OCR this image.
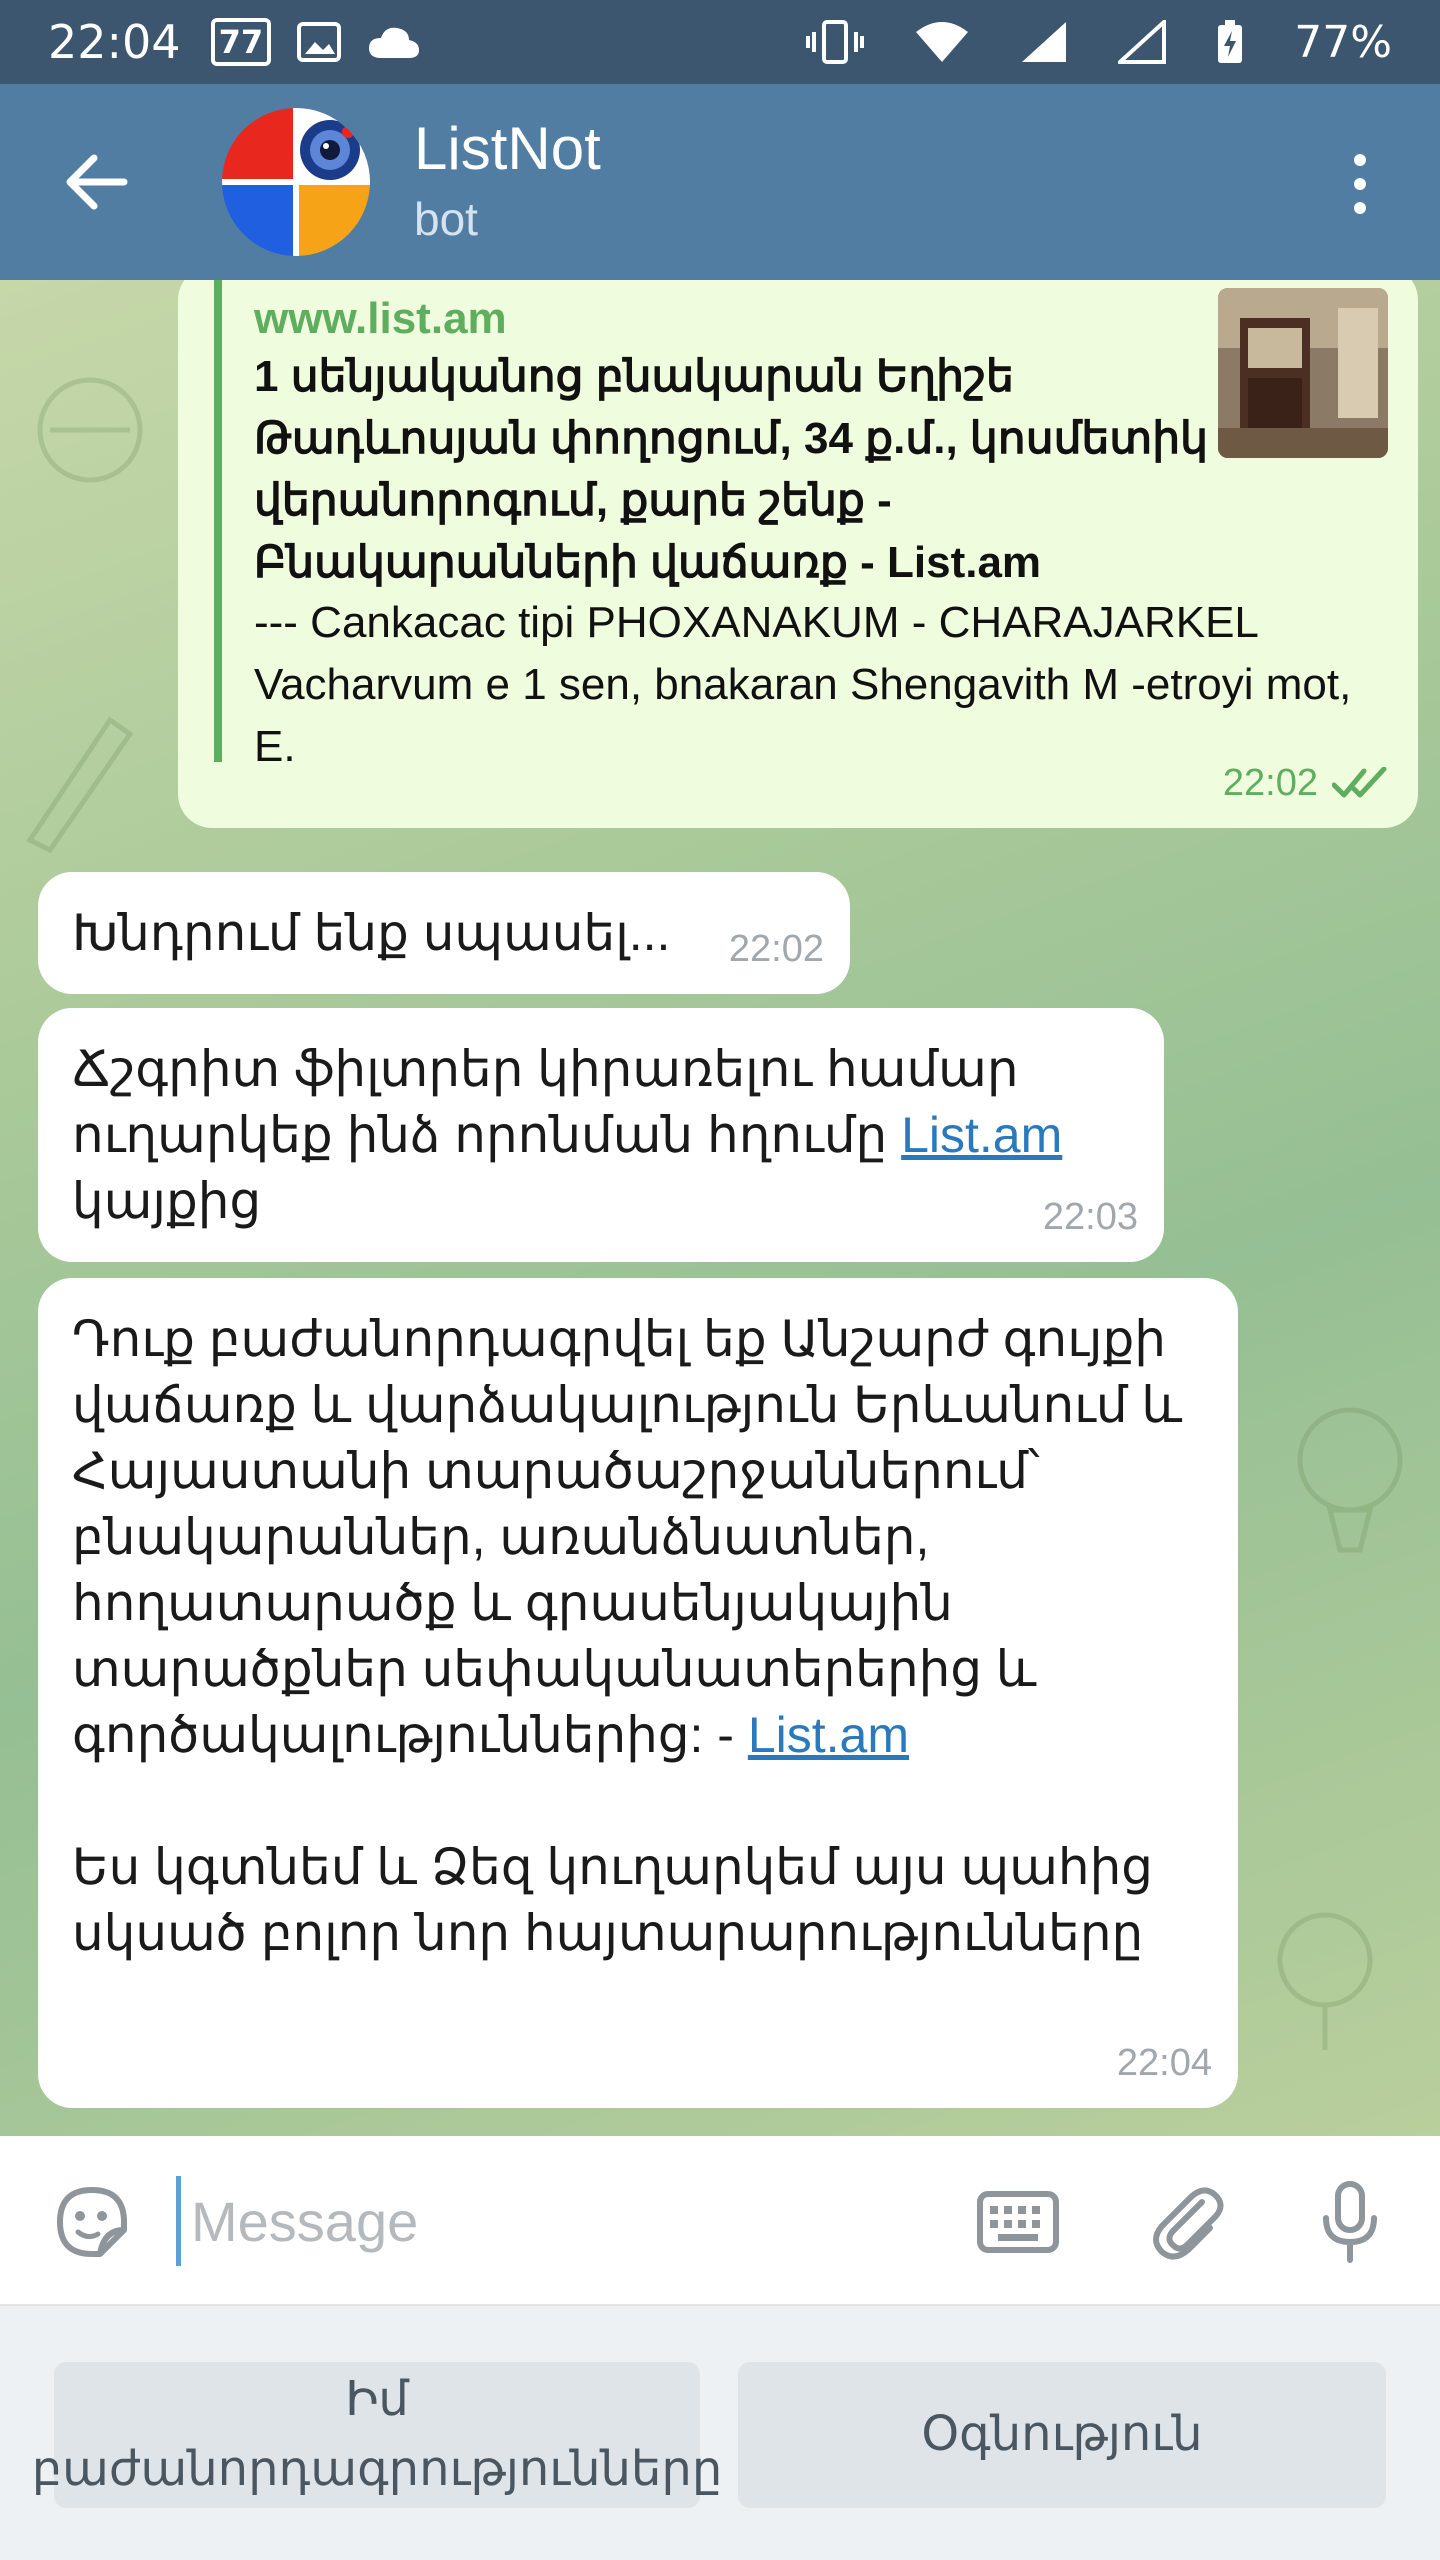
22:04 77	77%
ListNot
bot
www.list.am
1 սենյականոց բնակարան Եղիշե Թադևոսյան փողոցում, 34 ք.մ., կոսմետիկ վերանորոգում, քարե շենք - Բնակարանների վաճառք - List.am
--- Cankacac tipi PHOXANAKUM - CHARAJARKEL Vacharvum e 1 sen, bnakaran Shengavith M -etroyi mot, E.
22:02
Խնդրում ենք սպասել... 22:02
Ճշգրիտ ֆիլտրեր կիրառելու համար ուղարկեք ինձ որոնման հղումը List.am կայքից	22:03
Դուք բաժանորդագրվել եք Անշարժ գույքի վաճառք և վարձակալություն Երևանում և Հայաստանի տարածաշրջաններում՝ բնակարաններ, առանձնատներ, հողատարածք և գրասենյակային տարածքներ սեփականատերերից և գործակալություններից: - List.am
Ես կգտնեմ և Ձեզ կուղարկեմ այս պահից սկսած բոլոր նոր հայտարարությունները
22:04
Message
Իմ բաժանորդագրությունները
Օգնություն
